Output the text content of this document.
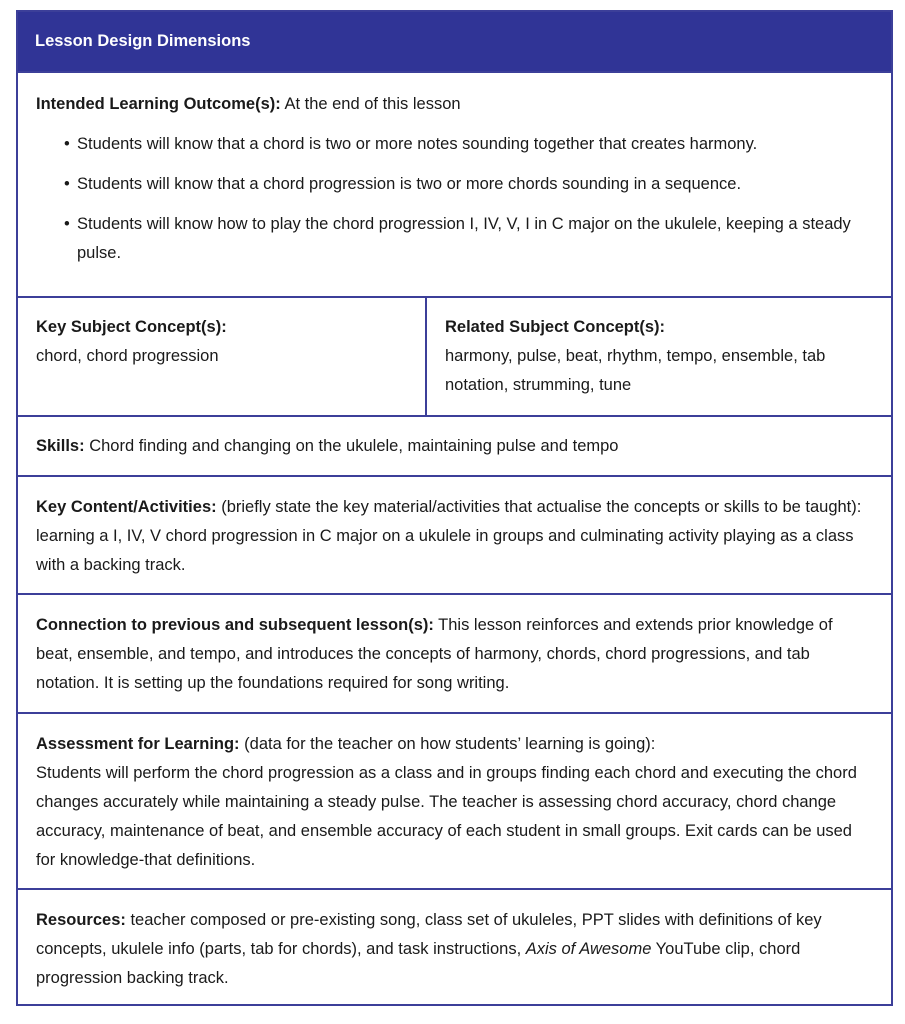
Lesson Design Dimensions
Intended Learning Outcome(s): At the end of this lesson
• Students will know that a chord is two or more notes sounding together that creates harmony.
• Students will know that a chord progression is two or more chords sounding in a sequence.
• Students will know how to play the chord progression I, IV, V, I in C major on the ukulele, keeping a steady pulse.
Key Subject Concept(s):
chord, chord progression
Related Subject Concept(s):
harmony, pulse, beat, rhythm, tempo, ensemble, tab notation, strumming, tune
Skills: Chord finding and changing on the ukulele, maintaining pulse and tempo
Key Content/Activities: (briefly state the key material/activities that actualise the concepts or skills to be taught): learning a I, IV, V chord progression in C major on a ukulele in groups and culminating activity playing as a class with a backing track.
Connection to previous and subsequent lesson(s): This lesson reinforces and extends prior knowledge of beat, ensemble, and tempo, and introduces the concepts of harmony, chords, chord progressions, and tab notation. It is setting up the foundations required for song writing.
Assessment for Learning: (data for the teacher on how students’ learning is going):
Students will perform the chord progression as a class and in groups finding each chord and executing the chord changes accurately while maintaining a steady pulse. The teacher is assessing chord accuracy, chord change accuracy, maintenance of beat, and ensemble accuracy of each student in small groups. Exit cards can be used for knowledge-that definitions.
Resources: teacher composed or pre-existing song, class set of ukuleles, PPT slides with definitions of key concepts, ukulele info (parts, tab for chords), and task instructions, Axis of Awesome YouTube clip, chord progression backing track.
